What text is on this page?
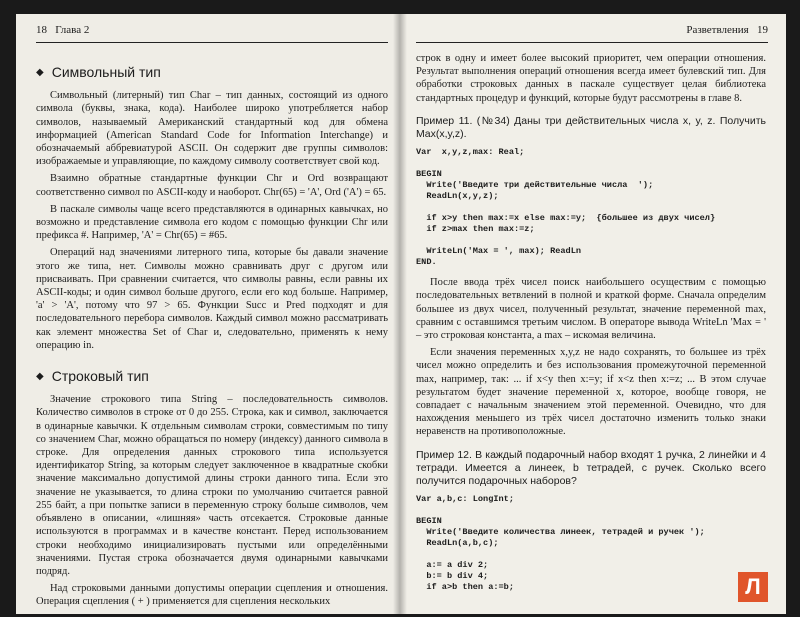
18 Глава 2
◆ Символьный тип

Символьный (литерный) тип Char – тип данных, состоящий из одного символа (буквы, знака, кода). Наиболее широко употребляется набор символов, называемый Американский стандартный код для обмена информацией (American Standard Code for Information Interchange) и обозначаемый аббревиатурой ASCII. Он содержит две группы символов: изображаемые и управляющие, по каждому символу соответствует свой код.

Взаимно обратные стандартные функции Chr и Ord возвращают соответственно символ по ASCII-коду и наоборот. Chr(65) = 'A', Ord ('A') = 65.

В паскале символы чаще всего представляются в одинарных кавычках, но возможно и представление символа его кодом с помощью функции Chr или префикса #. Например, 'A' = Chr(65) = #65.

Операций над значениями литерного типа, которые бы давали значение этого же типа, нет. Символы можно сравнивать друг с другом или присваивать. При сравнении считается, что символы равны, если равны их ASCII-коды; и один символ больше другого, если его код больше. Например, 'a' > 'A', потому что 97 > 65. Функции Succ и Pred подходят и для последовательного перебора символов. Каждый символ можно рассматривать как элемент множества Set of Char и, следовательно, применять к нему операцию in.

◆ Строковый тип

Значение строкового типа String – последовательность символов. Количество символов в строке от 0 до 255. Строка, как и символ, заключается в одинарные кавычки. К отдельным символам строки, совместимым по типу со значением Char, можно обращаться по номеру (индексу) данного символа в строке. Для определения данных строкового типа используется идентификатор String, за которым следует заключенное в квадратные скобки значение максимально допустимой длины строки данного типа. Если это значение не указывается, то длина строки по умолчанию считается равной 255 байт, а при попытке записи в переменную строку больше символов, чем объявлено в описании, «лишняя» часть отсекается. Строковые данные используются в программах и в качестве констант. Перед использованием строки необходимо инициализировать пустыми или определёнными значениями. Пустая строка обозначается двумя одинарными кавычками подряд.

Над строковыми данными допустимы операции сцепления и отношения. Операция сцепления ( + ) применяется для сцепления нескольких

Разветвления 19

строк в одну и имеет более высокий приоритет, чем операции отношения. Результат выполнения операций отношения всегда имеет булевский тип. Для обработки строковых данных в паскале существует целая библиотека стандартных процедур и функций, которые будут рассмотрены в главе 8.

Пример 11. (№34) Даны три действительных числа x, y, z. Получить Max(x,y,z).

Var  x,y,z,max: Real;

BEGIN
Write('Введите три действительные числа  ');
ReadLn(x,y,z);

if x>y then max:=x else max:=y;  {большее из двух чисел}
if z>max then max:=z;

WriteLn('Max = ', max); ReadLn
END.

После ввода трёх чисел поиск наибольшего осуществим с помощью последовательных ветвлений в полной и краткой форме. Сначала определим большее из двух чисел, полученный результат, значение переменной max, сравним с оставшимся третьим числом. В операторе вывода WriteLn 'Max = ' – это строковая константа, а max – искомая величина.

Если значения переменных x,y,z не надо сохранять, то большее из трёх чисел можно определить и без использования промежуточной переменной max, например, так: ... if x<y then x:=y; if x<z then x:=z; ... В этом случае результатом будет значение переменной x, которое, вообще говоря, не совпадает с начальным значением этой переменной. Очевидно, что для нахождения меньшего из трёх чисел достаточно изменить только знаки неравенств на противоположные.

Пример 12. В каждый подарочный набор входят 1 ручка, 2 линейки и 4 тетради. Имеется a линеек, b тетрадей, c ручек. Сколько всего получится подарочных наборов?

Var a,b,c: LongInt;

BEGIN
Write('Введите количества линеек, тетрадей и ручек ');
ReadLn(a,b,c);

a:= a div 2;
b:= b div 4;
if a>b then a:=b;	Л
